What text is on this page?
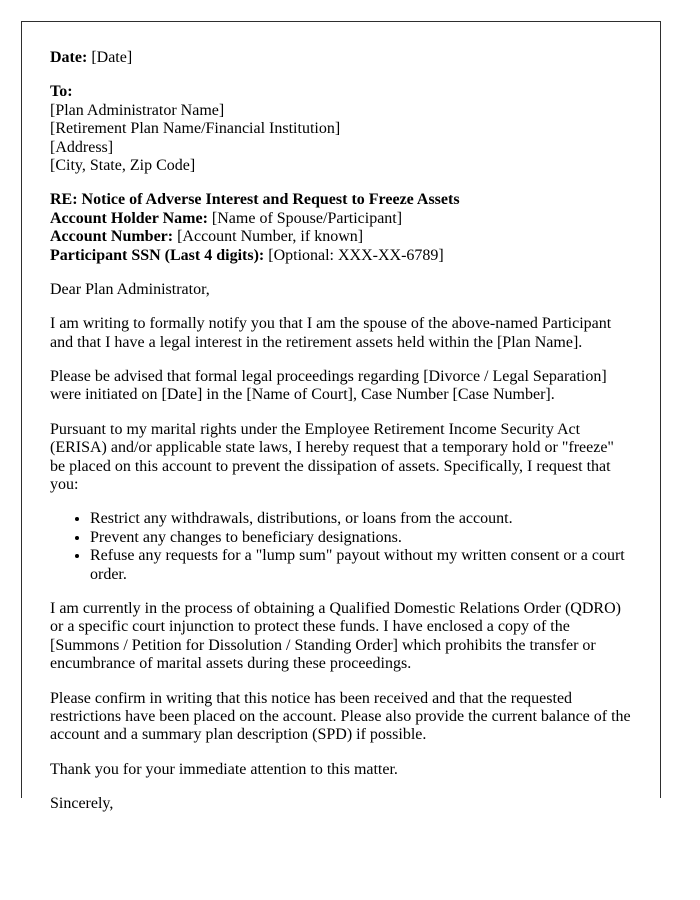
Date: [Date]

To:
[Plan Administrator Name]
[Retirement Plan Name/Financial Institution]
[Address]
[City, State, Zip Code]

RE: Notice of Adverse Interest and Request to Freeze Assets
Account Holder Name: [Name of Spouse/Participant]
Account Number: [Account Number, if known]
Participant SSN (Last 4 digits): [Optional: XXX-XX-6789]

Dear Plan Administrator,

I am writing to formally notify you that I am the spouse of the above-named Participant and that I have a legal interest in the retirement assets held within the [Plan Name].

Please be advised that formal legal proceedings regarding [Divorce / Legal Separation] were initiated on [Date] in the [Name of Court], Case Number [Case Number].

Pursuant to my marital rights under the Employee Retirement Income Security Act (ERISA) and/or applicable state laws, I hereby request that a temporary hold or "freeze" be placed on this account to prevent the dissipation of assets. Specifically, I request that you:

• Restrict any withdrawals, distributions, or loans from the account.
• Prevent any changes to beneficiary designations.
• Refuse any requests for a "lump sum" payout without my written consent or a court order.

I am currently in the process of obtaining a Qualified Domestic Relations Order (QDRO) or a specific court injunction to protect these funds. I have enclosed a copy of the [Summons / Petition for Dissolution / Standing Order] which prohibits the transfer or encumbrance of marital assets during these proceedings.

Please confirm in writing that this notice has been received and that the requested restrictions have been placed on the account. Please also provide the current balance of the account and a summary plan description (SPD) if possible.

Thank you for your immediate attention to this matter.

Sincerely,
